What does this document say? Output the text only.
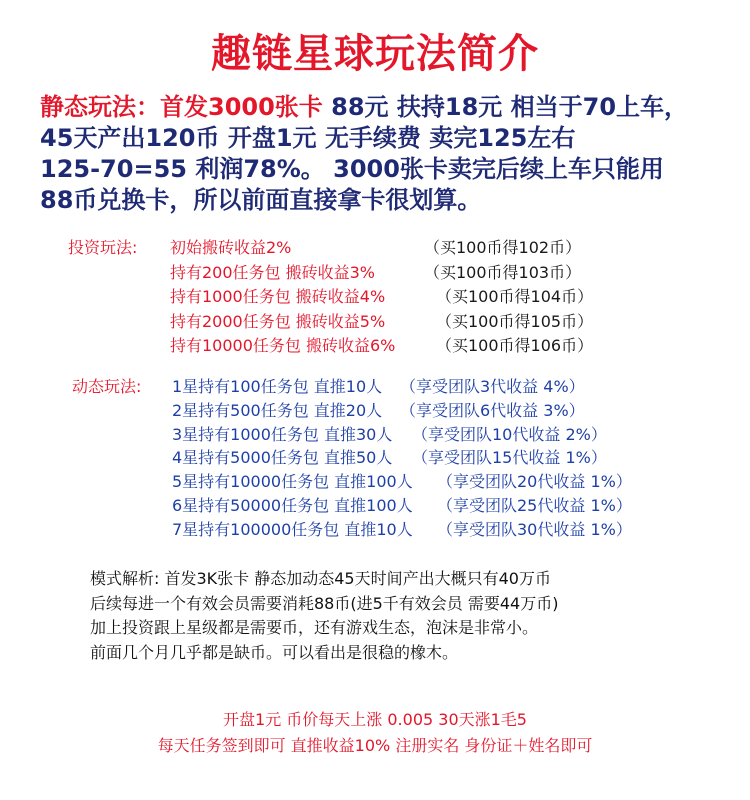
趣链星球玩法简介
静态玩法：首发3000张卡 88元 扶持18元 相当于70上车，
45天产出120币 开盘1元 无手续费 卖完125左右
125-70=55 利润78%。 3000张卡卖完后续上车只能用
88币兑换卡，所以前面直接拿卡很划算。
投资玩法: 初始搬砖收益2%	（买100币得102币）
持有200任务包 搬砖收益3%	（买100币得103币）
持有1000任务包 搬砖收益4%	（买100币得104币）
持有2000任务包 搬砖收益5%	（买100币得105币）
持有10000任务包 搬砖收益6%	（买100币得106币）
动态玩法: 1星持有100任务包 直推10人 （享受团队3代收益 4%）
2星持有500任务包 直推20人 （享受团队6代收益 3%）
3星持有1000任务包 直推30人 （享受团队10代收益 2%）
4星持有5000任务包 直推50人 （享受团队15代收益 1%）
5星持有10000任务包 直推100人 （享受团队20代收益 1%）
6星持有50000任务包 直推100人 （享受团队25代收益 1%）
7星持有100000任务包 直推10人 （享受团队30代收益 1%）
模式解析: 首发3K张卡 静态加动态45天时间产出大概只有40万币
后续每进一个有效会员需要消耗88币(进5千有效会员 需要44万币)
加上投资跟上星级都是需要币，还有游戏生态，泡沫是非常小。
前面几个月几乎都是缺币。可以看出是很稳的橡木。
开盘1元 币价每天上涨 0.005 30天涨1毛5
每天任务签到即可 直推收益10% 注册实名 身份证＋姓名即可
